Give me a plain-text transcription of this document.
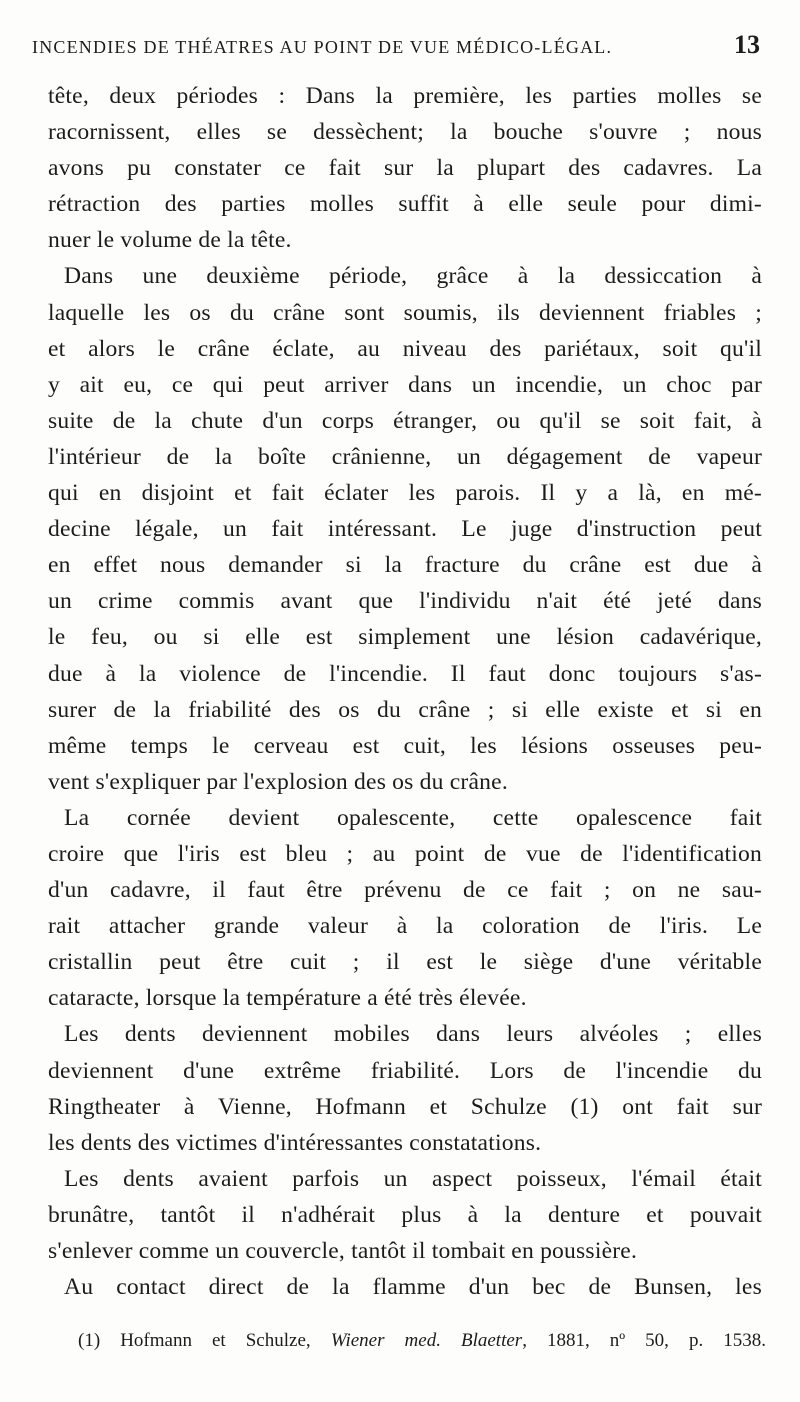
INCENDIES DE THÉATRES AU POINT DE VUE MÉDICO-LÉGAL.	13
tête, deux périodes : Dans la première, les parties molles se
racornissent, elles se dessèchent; la bouche s'ouvre ; nous
avons pu constater ce fait sur la plupart des cadavres. La
rétraction des parties molles suffit à elle seule pour dimi-
nuer le volume de la tête.
Dans une deuxième période, grâce à la dessiccation à
laquelle les os du crâne sont soumis, ils deviennent friables ;
et alors le crâne éclate, au niveau des pariétaux, soit qu'il
y ait eu, ce qui peut arriver dans un incendie, un choc par
suite de la chute d'un corps étranger, ou qu'il se soit fait, à
l'intérieur de la boîte crânienne, un dégagement de vapeur
qui en disjoint et fait éclater les parois. Il y a là, en mé-
decine légale, un fait intéressant. Le juge d'instruction peut
en effet nous demander si la fracture du crâne est due à
un crime commis avant que l'individu n'ait été jeté dans
le feu, ou si elle est simplement une lésion cadavérique,
due à la violence de l'incendie. Il faut donc toujours s'as-
surer de la friabilité des os du crâne ; si elle existe et si en
même temps le cerveau est cuit, les lésions osseuses peu-
vent s'expliquer par l'explosion des os du crâne.
La cornée devient opalescente, cette opalescence fait
croire que l'iris est bleu ; au point de vue de l'identification
d'un cadavre, il faut être prévenu de ce fait ; on ne sau-
rait attacher grande valeur à la coloration de l'iris. Le
cristallin peut être cuit ; il est le siège d'une véritable
cataracte, lorsque la température a été très élevée.
Les dents deviennent mobiles dans leurs alvéoles ; elles
deviennent d'une extrême friabilité. Lors de l'incendie du
Ringtheater à Vienne, Hofmann et Schulze (1) ont fait sur
les dents des victimes d'intéressantes constatations.
Les dents avaient parfois un aspect poisseux, l'émail était
brunâtre, tantôt il n'adhérait plus à la denture et pouvait
s'enlever comme un couvercle, tantôt il tombait en poussière.
Au contact direct de la flamme d'un bec de Bunsen, les
(1) Hofmann et Schulze, Wiener med. Blaetter, 1881, nº 50, p. 1538.
